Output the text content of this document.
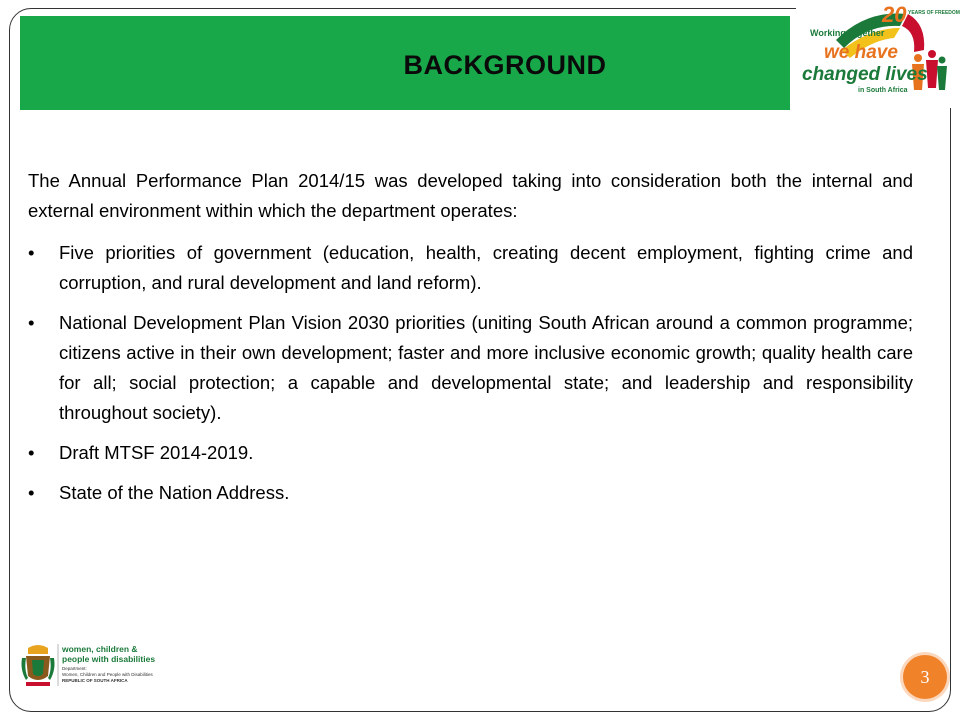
BACKGROUND
20 YEARS OF FREEDOM
Working together
we have
changed lives
in South Africa

The Annual Performance Plan 2014/15 was developed taking into consideration both the internal and external environment within which the department operates:

• Five priorities of government (education, health, creating decent employment, fighting crime and corruption, and rural development and land reform).
• National Development Plan Vision 2030 priorities (uniting South African around a common programme; citizens active in their own development; faster and more inclusive economic growth; quality health care for all; social protection; a capable and developmental state; and leadership and responsibility throughout society).
• Draft MTSF 2014-2019.
• State of the Nation Address.
women, children &
people with disabilities
Department:
Women, Children and People with Disabilities
REPUBLIC OF SOUTH AFRICA	3
